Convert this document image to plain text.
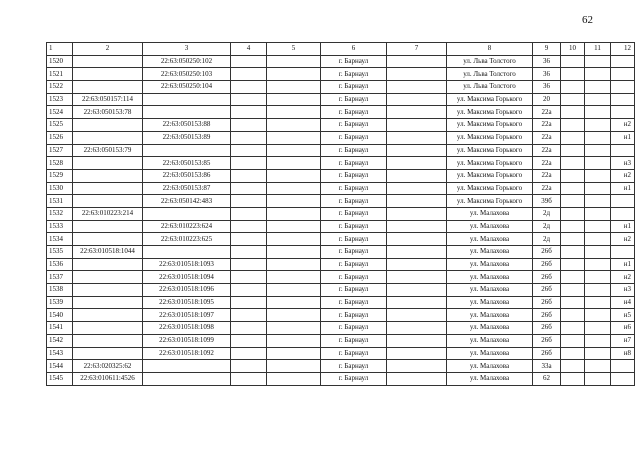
62
1	2	3	4	5	6	7	8	9	10	11	12
1520		22:63:050250:102			г. Барнаул		ул. Льва Толстого	36			
1521		22:63:050250:103			г. Барнаул		ул. Льва Толстого	36			
1522		22:63:050250:104			г. Барнаул		ул. Льва Толстого	36			
1523	22:63:050157:114				г. Барнаул		ул. Максима Горького	20			
1524	22:63:050153:78				г. Барнаул		ул. Максима Горького	22а			
1525		22:63:050153:88			г. Барнаул		ул. Максима Горького	22а			н2
1526		22:63:050153:89			г. Барнаул		ул. Максима Горького	22а			н1
1527	22:63:050153:79				г. Барнаул		ул. Максима Горького	22а			
1528		22:63:050153:85			г. Барнаул		ул. Максима Горького	22а			н3
1529		22:63:050153:86			г. Барнаул		ул. Максима Горького	22а			н2
1530		22:63:050153:87			г. Барнаул		ул. Максима Горького	22а			н1
1531		22:63:050142:483			г. Барнаул		ул. Максима Горького	39б			
1532	22:63:010223:214				г. Барнаул		ул. Малахова	2д			
1533		22:63:010223:624			г. Барнаул		ул. Малахова	2д			н1
1534		22:63:010223:625			г. Барнаул		ул. Малахова	2д			н2
1535	22:63:010518:1044				г. Барнаул		ул. Малахова	26б			
1536		22:63:010518:1093			г. Барнаул		ул. Малахова	26б			н1
1537		22:63:010518:1094			г. Барнаул		ул. Малахова	26б			н2
1538		22:63:010518:1096			г. Барнаул		ул. Малахова	26б			н3
1539		22:63:010518:1095			г. Барнаул		ул. Малахова	26б			н4
1540		22:63:010518:1097			г. Барнаул		ул. Малахова	26б			н5
1541		22:63:010518:1098			г. Барнаул		ул. Малахова	26б			н6
1542		22:63:010518:1099			г. Барнаул		ул. Малахова	26б			н7
1543		22:63:010518:1092			г. Барнаул		ул. Малахова	26б			н8
1544	22:63:020325:62				г. Барнаул		ул. Малахова	33а			
1545	22:63:010611:4526				г. Барнаул		ул. Малахова	62			
